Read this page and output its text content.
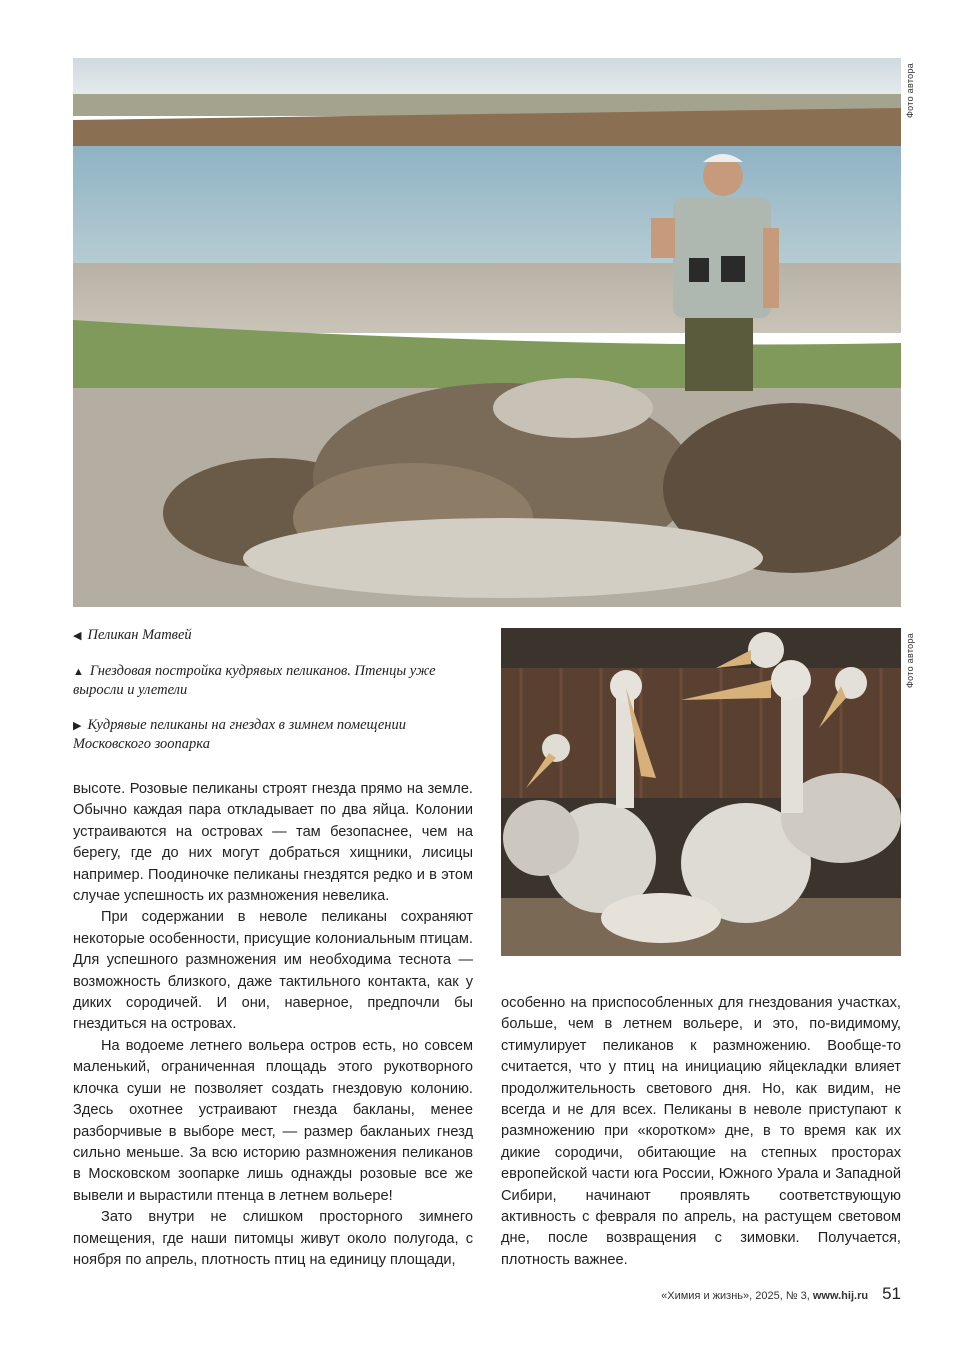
Фото автора
◀ Пеликан Матвей
▲ Гнездовая постройка кудрявых пеликанов. Птенцы уже выросли и улетели
▶ Кудрявые пеликаны на гнездах в зимнем помещении Московского зоопарка
Фото автора

высоте. Розовые пеликаны строят гнезда прямо на земле. Обычно каждая пара откладывает по два яйца. Колонии устраиваются на островах — там безопаснее, чем на берегу, где до них могут добраться хищники, лисицы например. Поодиночке пеликаны гнездятся редко и в этом случае успешность их размножения невелика.

При содержании в неволе пеликаны сохраняют некоторые особенности, присущие колониальным птицам. Для успешного размножения им необходима теснота — возможность близкого, даже тактильного контакта, как у диких сородичей. И они, наверное, предпочли бы гнездиться на островах.

На водоеме летнего вольера остров есть, но совсем маленький, ограниченная площадь этого рукотворного клочка суши не позволяет создать гнездовую колонию. Здесь охотнее устраивают гнезда бакланы, менее разборчивые в выборе мест, — размер бакланьих гнезд сильно меньше. За всю историю размножения пеликанов в Московском зоопарке лишь однажды розовые все же вывели и вырастили птенца в летнем вольере!

Зато внутри не слишком просторного зимнего помещения, где наши питомцы живут около полугода, с ноября по апрель, плотность птиц на единицу площади,

особенно на приспособленных для гнездования участках, больше, чем в летнем вольере, и это, по-видимому, стимулирует пеликанов к размножению. Вообще-то считается, что у птиц на инициацию яйцекладки влияет продолжительность светового дня. Но, как видим, не всегда и не для всех. Пеликаны в неволе приступают к размножению при «коротком» дне, в то время как их дикие сородичи, обитающие на степных просторах европейской части юга России, Южного Урала и Западной Сибири, начинают проявлять соответствующую активность с февраля по апрель, на растущем световом дне, после возвращения с зимовки. Получается, плотность важнее.

«Химия и жизнь», 2025, № 3, www.hij.ru 51
